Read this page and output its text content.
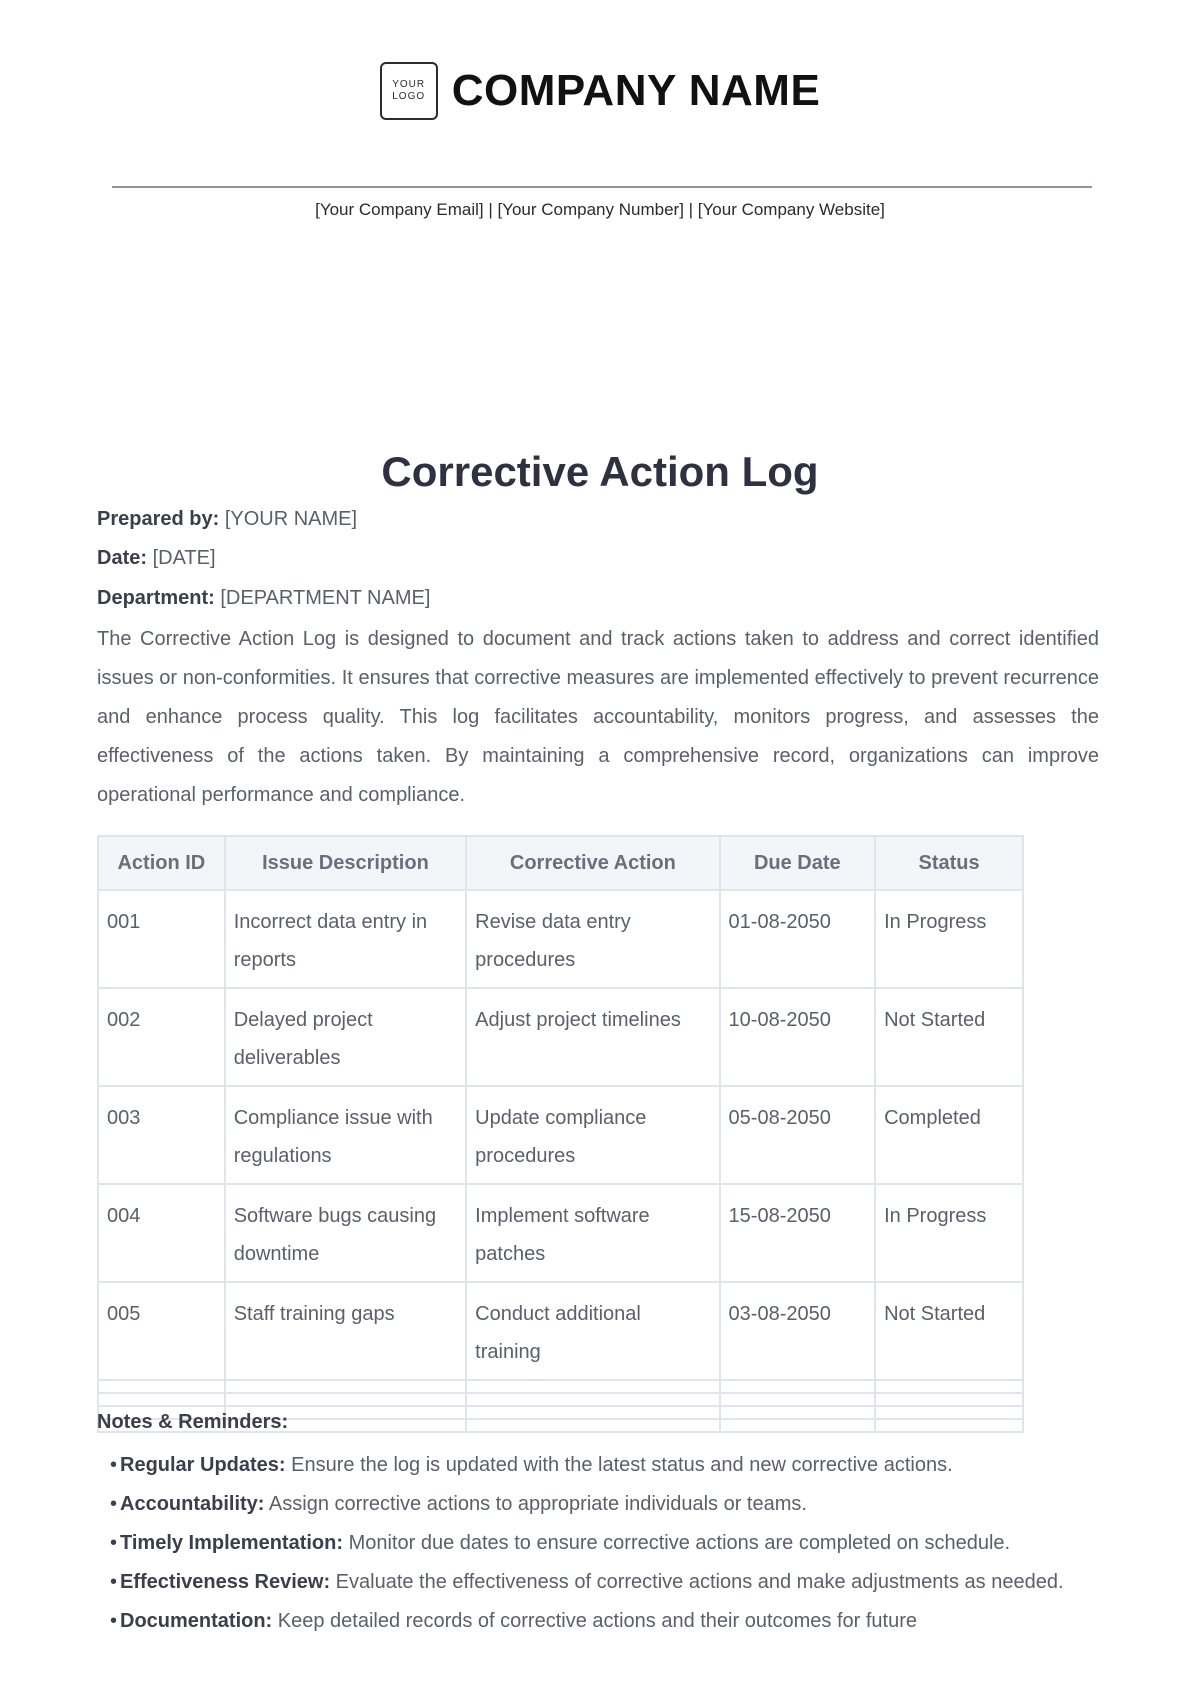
YOUR
LOGO COMPANY NAME
[Your Company Email] | [Your Company Number] | [Your Company Website]
Corrective Action Log
Prepared by: [YOUR NAME]
Date: [DATE]
Department: [DEPARTMENT NAME]
The Corrective Action Log is designed to document and track actions taken to address and correct identified issues or non-conformities. It ensures that corrective measures are implemented effectively to prevent recurrence and enhance process quality. This log facilitates accountability, monitors progress, and assesses the effectiveness of the actions taken. By maintaining a comprehensive record, organizations can improve operational performance and compliance.
Action ID	Issue Description	Corrective Action	Due Date	Status
001	Incorrect data entry in reports	Revise data entry procedures	01-08-2050	In Progress
002	Delayed project deliverables	Adjust project timelines	10-08-2050	Not Started
003	Compliance issue with regulations	Update compliance procedures	05-08-2050	Completed
004	Software bugs causing downtime	Implement software patches	15-08-2050	In Progress
005	Staff training gaps	Conduct additional training	03-08-2050	Not Started

Notes & Reminders:
• Regular Updates: Ensure the log is updated with the latest status and new corrective actions.
• Accountability: Assign corrective actions to appropriate individuals or teams.
• Timely Implementation: Monitor due dates to ensure corrective actions are completed on schedule.
• Effectiveness Review: Evaluate the effectiveness of corrective actions and make adjustments as needed.
• Documentation: Keep detailed records of corrective actions and their outcomes for future
